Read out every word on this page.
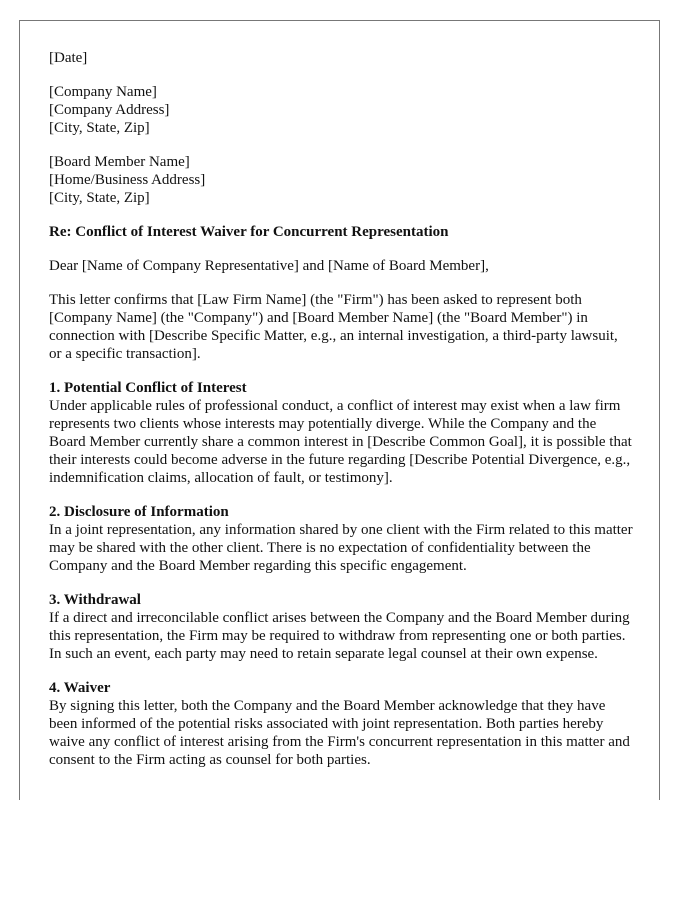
[Date]
[Company Name]
[Company Address]
[City, State, Zip]
[Board Member Name]
[Home/Business Address]
[City, State, Zip]
Re: Conflict of Interest Waiver for Concurrent Representation

Dear [Name of Company Representative] and [Name of Board Member],

This letter confirms that [Law Firm Name] (the "Firm") has been asked to represent both [Company Name] (the "Company") and [Board Member Name] (the "Board Member") in connection with [Describe Specific Matter, e.g., an internal investigation, a third-party lawsuit, or a specific transaction].

1. Potential Conflict of Interest
Under applicable rules of professional conduct, a conflict of interest may exist when a law firm represents two clients whose interests may potentially diverge. While the Company and the Board Member currently share a common interest in [Describe Common Goal], it is possible that their interests could become adverse in the future regarding [Describe Potential Divergence, e.g., indemnification claims, allocation of fault, or testimony].
2. Disclosure of Information
In a joint representation, any information shared by one client with the Firm related to this matter may be shared with the other client. There is no expectation of confidentiality between the Company and the Board Member regarding this specific engagement.
3. Withdrawal
If a direct and irreconcilable conflict arises between the Company and the Board Member during this representation, the Firm may be required to withdraw from representing one or both parties. In such an event, each party may need to retain separate legal counsel at their own expense.
4. Waiver
By signing this letter, both the Company and the Board Member acknowledge that they have been informed of the potential risks associated with joint representation. Both parties hereby waive any conflict of interest arising from the Firm's concurrent representation in this matter and consent to the Firm acting as counsel for both parties.
